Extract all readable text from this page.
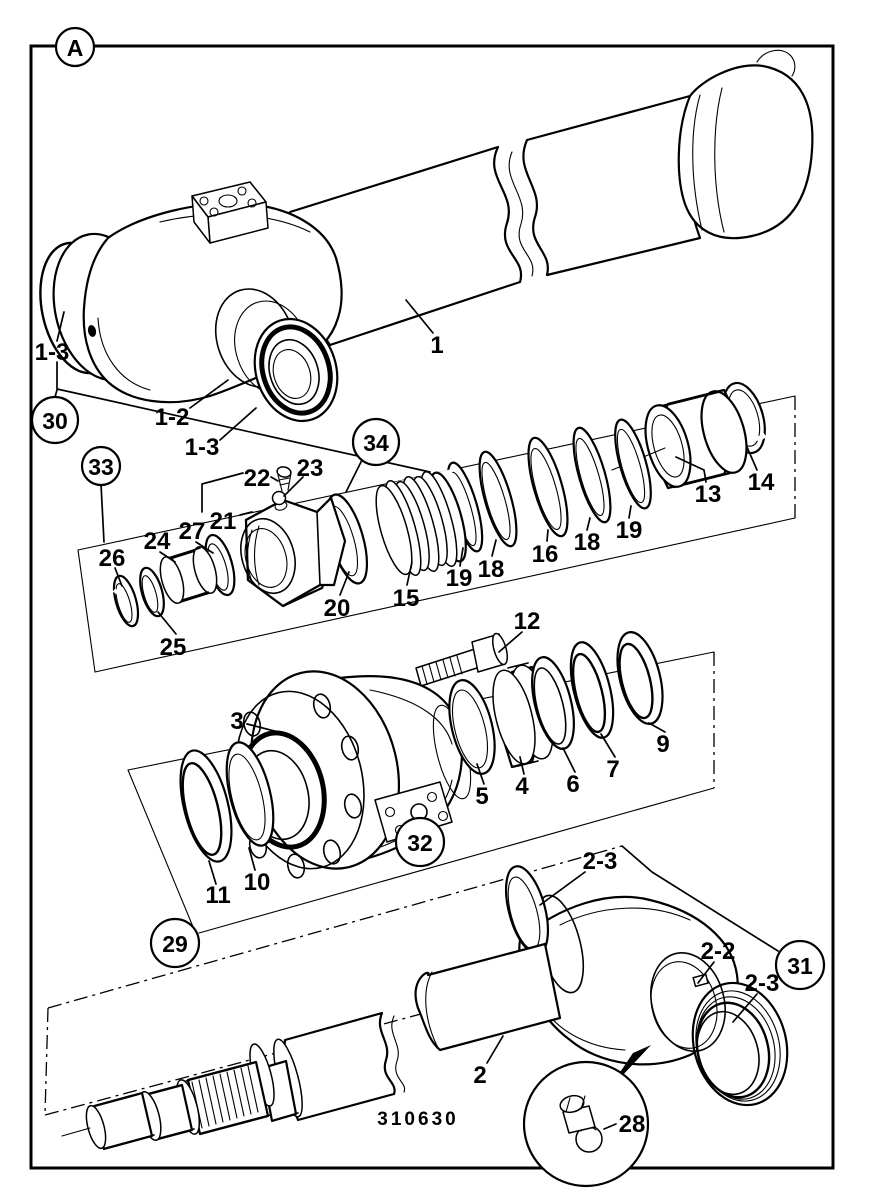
A
1
1-3
30	1-2
1-3
33
34
22 23
21
27
24
26
25
20 15
19 18
16 18 19
13 14
12
3
5 4 6
7
9
11 10
29
32
2-3
31
2-2
2-3
2
28
310630
